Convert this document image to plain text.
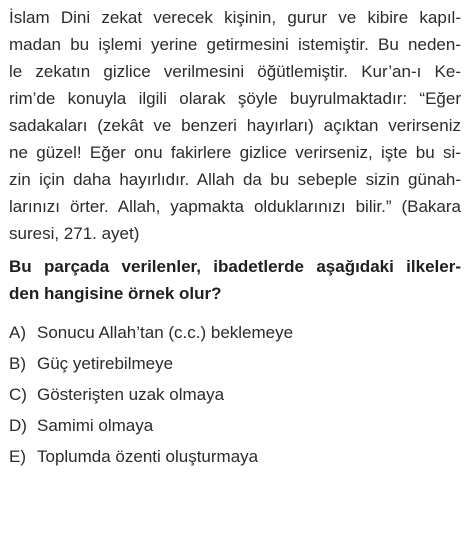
İslam Dini zekat verecek kişinin, gurur ve kibire kapıl-
madan bu işlemi yerine getirmesini istemiştir. Bu neden-
le zekatın gizlice verilmesini öğütlemiştir. Kur’an-ı Ke-
rim’de konuyla ilgili olarak şöyle buyrulmaktadır: “Eğer
sadakaları (zekât ve benzeri hayırları) açıktan verirseniz
ne güzel! Eğer onu fakirlere gizlice verirseniz, işte bu si-
zin için daha hayırlıdır. Allah da bu sebeple sizin günah-
larınızı örter. Allah, yapmakta olduklarınızı bilir.” (Bakara
suresi, 271. ayet)

Bu parçada verilenler, ibadetlerde aşağıdaki ilkeler-
den hangisine örnek olur?

A) Sonucu Allah’tan (c.c.) beklemeye
B) Güç yetirebilmeye
C) Gösterişten uzak olmaya
D) Samimi olmaya
E) Toplumda özenti oluşturmaya
